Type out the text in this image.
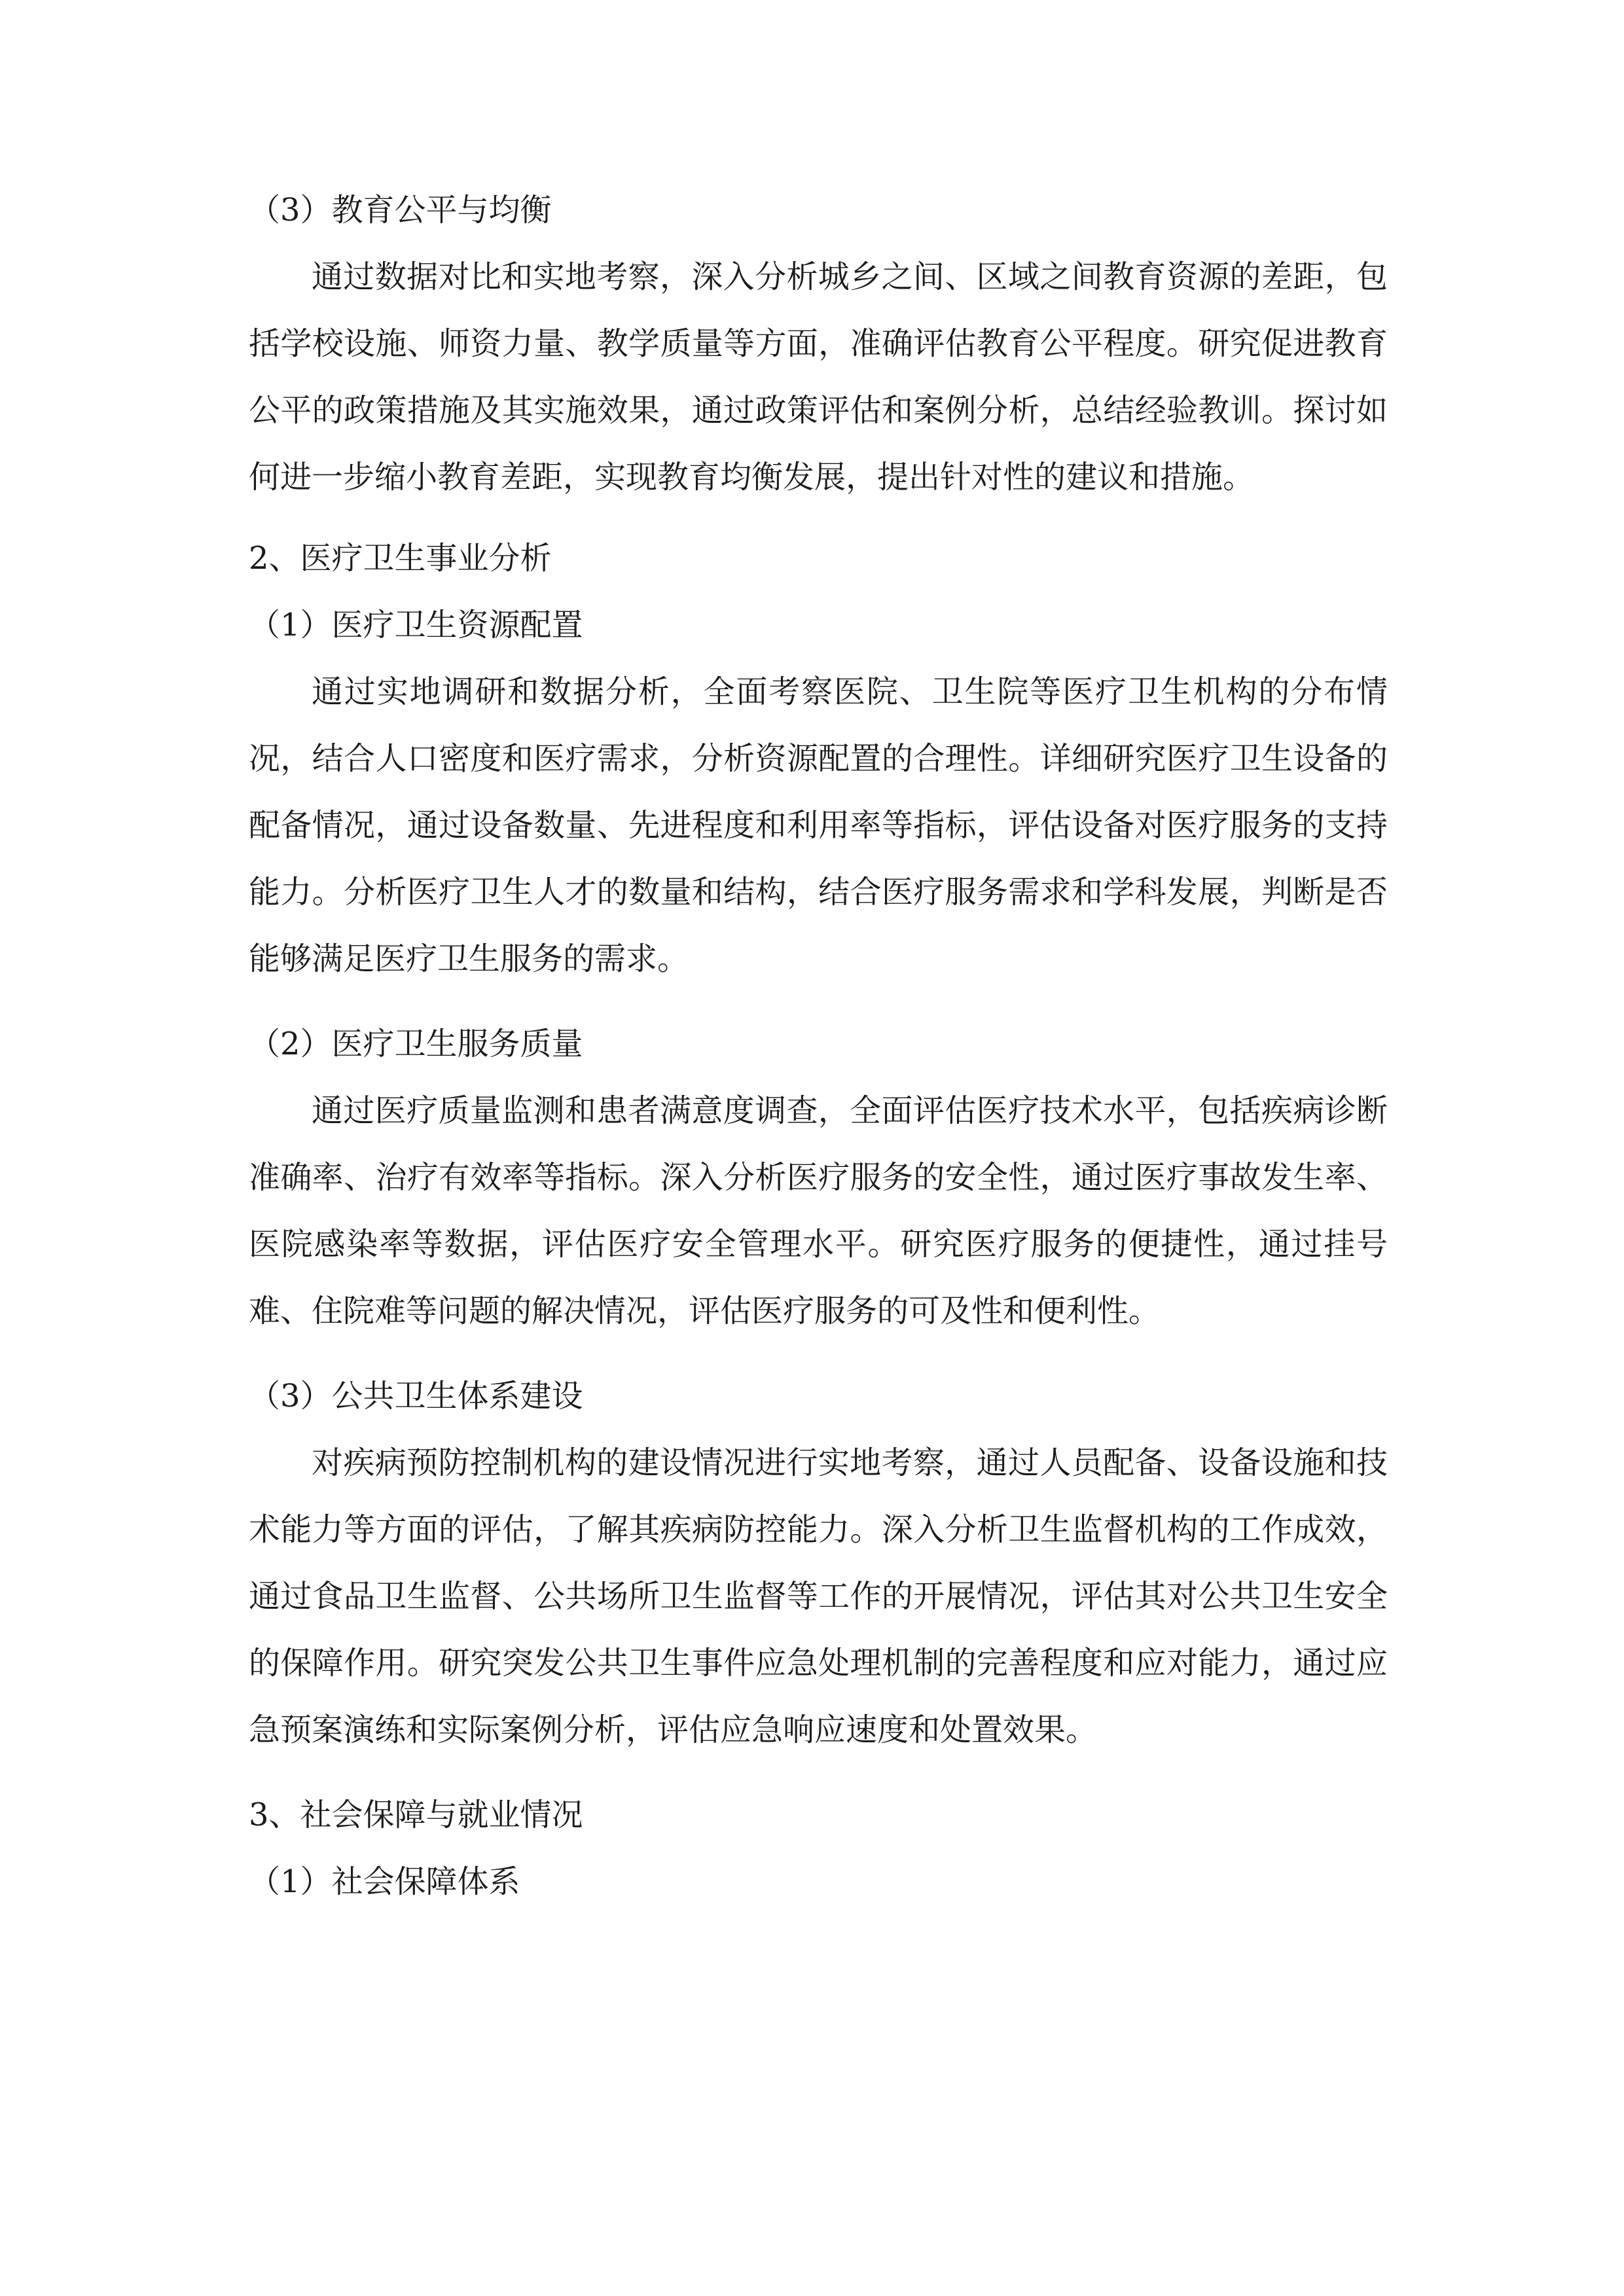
（3）教育公平与均衡

通过数据对比和实地考察，深入分析城乡之间、区域之间教育资源的差距，包括学校设施、师资力量、教学质量等方面，准确评估教育公平程度。研究促进教育公平的政策措施及其实施效果，通过政策评估和案例分析，总结经验教训。探讨如何进一步缩小教育差距，实现教育均衡发展，提出针对性的建议和措施。

2、医疗卫生事业分析

（1）医疗卫生资源配置

通过实地调研和数据分析，全面考察医院、卫生院等医疗卫生机构的分布情况，结合人口密度和医疗需求，分析资源配置的合理性。详细研究医疗卫生设备的配备情况，通过设备数量、先进程度和利用率等指标，评估设备对医疗服务的支持能力。分析医疗卫生人才的数量和结构，结合医疗服务需求和学科发展，判断是否能够满足医疗卫生服务的需求。

（2）医疗卫生服务质量

通过医疗质量监测和患者满意度调查，全面评估医疗技术水平，包括疾病诊断准确率、治疗有效率等指标。深入分析医疗服务的安全性，通过医疗事故发生率、医院感染率等数据，评估医疗安全管理水平。研究医疗服务的便捷性，通过挂号难、住院难等问题的解决情况，评估医疗服务的可及性和便利性。

（3）公共卫生体系建设

对疾病预防控制机构的建设情况进行实地考察，通过人员配备、设备设施和技术能力等方面的评估，了解其疾病防控能力。深入分析卫生监督机构的工作成效，通过食品卫生监督、公共场所卫生监督等工作的开展情况，评估其对公共卫生安全的保障作用。研究突发公共卫生事件应急处理机制的完善程度和应对能力，通过应急预案演练和实际案例分析，评估应急响应速度和处置效果。

3、社会保障与就业情况

（1）社会保障体系
